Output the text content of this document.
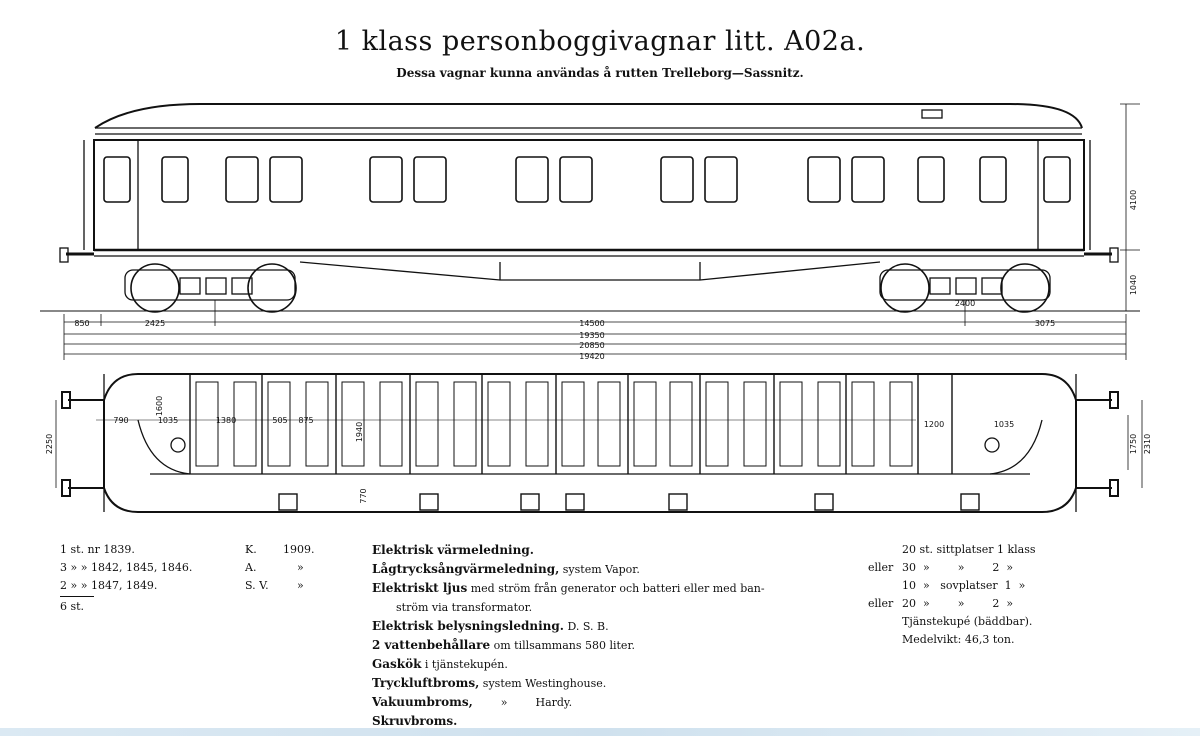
1 klass personboggivagnar litt. A02a.
Dessa vagnar kunna användas å rutten Trelleborg—Sassnitz.
4100
1040
850	2425	14500
2400
3075
19350
20850
19420
2250	1750 2310
790
1600
1035	1380	505 875
1940
770
1200	1035
1 st. nr 1839.
3 » » 1842, 1845, 1846.
2 » » 1847, 1849.
6 st.
K. 1909.
A.	»
S. V.	»
Elektrisk värmeledning.
Lågtrycksångvärmeledning, system Vapor.
Elektriskt ljus med ström från generator och batteri eller med ban-
ström via transformator.
Elektrisk belysningsledning. D. S. B.
2 vattenbehållare om tillsammans 580 liter.
Gaskök i tjänstekupén.
Tryckluftbroms, system Westinghouse.
Vakuumbroms,        »        Hardy.
Skruvbroms.
20 st. sittplatser 1 klass
eller 30  »        »        2  »
10  »   sovplatser  1  »
eller 20  »        »        2  »
Tjänstekupé (bäddbar).
Medelvikt: 46,3 ton.
